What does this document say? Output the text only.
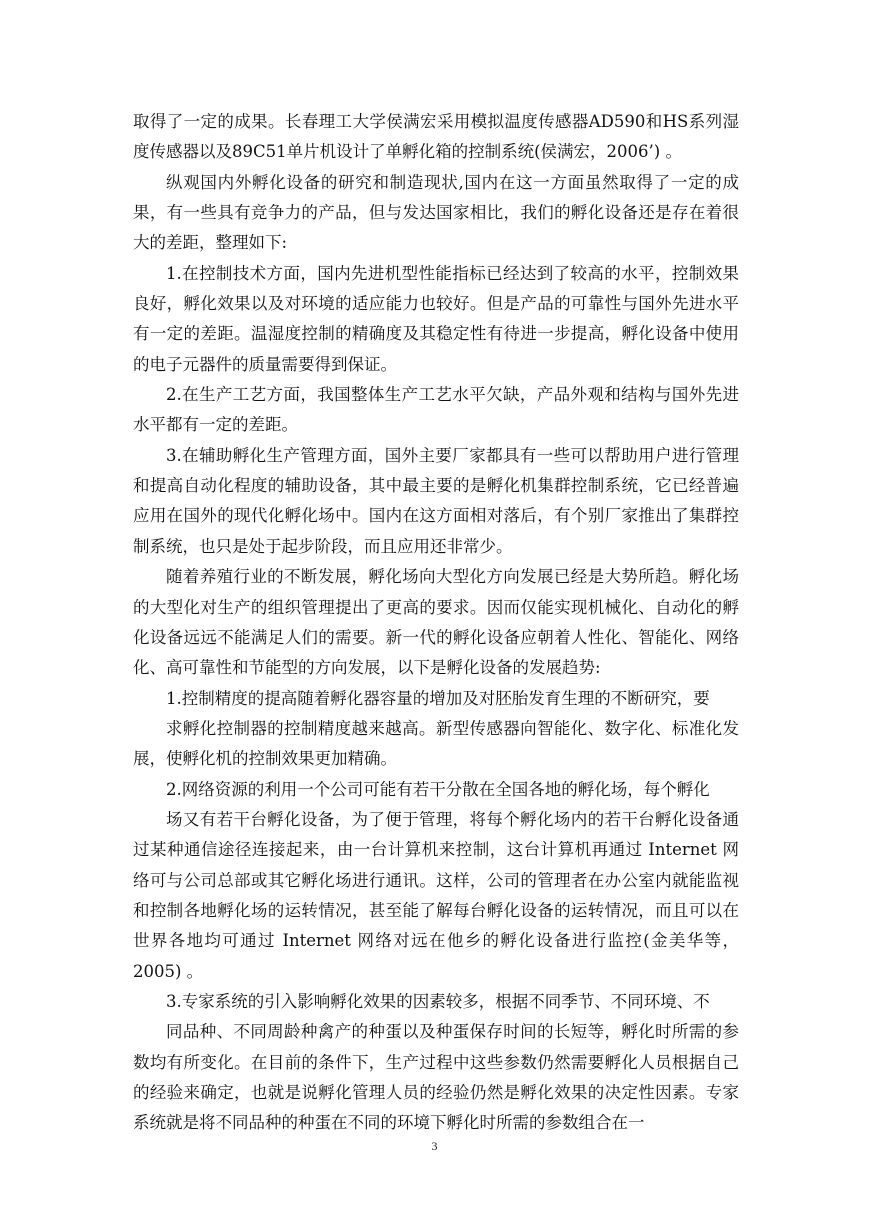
取得了一定的成果。长春理工大学侯满宏采用模拟温度传感器AD590和HS系列湿度传感器以及89C51单片机设计了单孵化箱的控制系统(侯满宏，2006’) 。

纵观国内外孵化设备的研究和制造现状,国内在这一方面虽然取得了一定的成果，有一些具有竞争力的产品，但与发达国家相比，我们的孵化设备还是存在着很大的差距，整理如下:

1.在控制技术方面，国内先进机型性能指标已经达到了较高的水平，控制效果良好，孵化效果以及对环境的适应能力也较好。但是产品的可靠性与国外先进水平有一定的差距。温湿度控制的精确度及其稳定性有待进一步提高，孵化设备中使用的电子元器件的质量需要得到保证。

2.在生产工艺方面，我国整体生产工艺水平欠缺，产品外观和结构与国外先进水平都有一定的差距。

3.在辅助孵化生产管理方面，国外主要厂家都具有一些可以帮助用户进行管理和提高自动化程度的辅助设备，其中最主要的是孵化机集群控制系统，它已经普遍应用在国外的现代化孵化场中。国内在这方面相对落后，有个别厂家推出了集群控制系统，也只是处于起步阶段，而且应用还非常少。

随着养殖行业的不断发展，孵化场向大型化方向发展已经是大势所趋。孵化场的大型化对生产的组织管理提出了更高的要求。因而仅能实现机械化、自动化的孵化设备远远不能满足人们的需要。新一代的孵化设备应朝着人性化、智能化、网络化、高可靠性和节能型的方向发展，以下是孵化设备的发展趋势:

1.控制精度的提高随着孵化器容量的增加及对胚胎发育生理的不断研究，要

求孵化控制器的控制精度越来越高。新型传感器向智能化、数字化、标准化发展，使孵化机的控制效果更加精确。

2.网络资源的利用一个公司可能有若干分散在全国各地的孵化场，每个孵化

场又有若干台孵化设备，为了便于管理，将每个孵化场内的若干台孵化设备通过某种通信途径连接起来，由一台计算机来控制，这台计算机再通过 Internet 网络可与公司总部或其它孵化场进行通讯。这样，公司的管理者在办公室内就能监视和控制各地孵化场的运转情况，甚至能了解每台孵化设备的运转情况，而且可以在世界各地均可通过 Internet 网络对远在他乡的孵化设备进行监控(金美华等，2005) 。

3.专家系统的引入影响孵化效果的因素较多，根据不同季节、不同环境、不

同品种、不同周龄种禽产的种蛋以及种蛋保存时间的长短等，孵化时所需的参数均有所变化。在目前的条件下，生产过程中这些参数仍然需要孵化人员根据自己的经验来确定，也就是说孵化管理人员的经验仍然是孵化效果的决定性因素。专家系统就是将不同品种的种蛋在不同的环境下孵化时所需的参数组合在一

3
